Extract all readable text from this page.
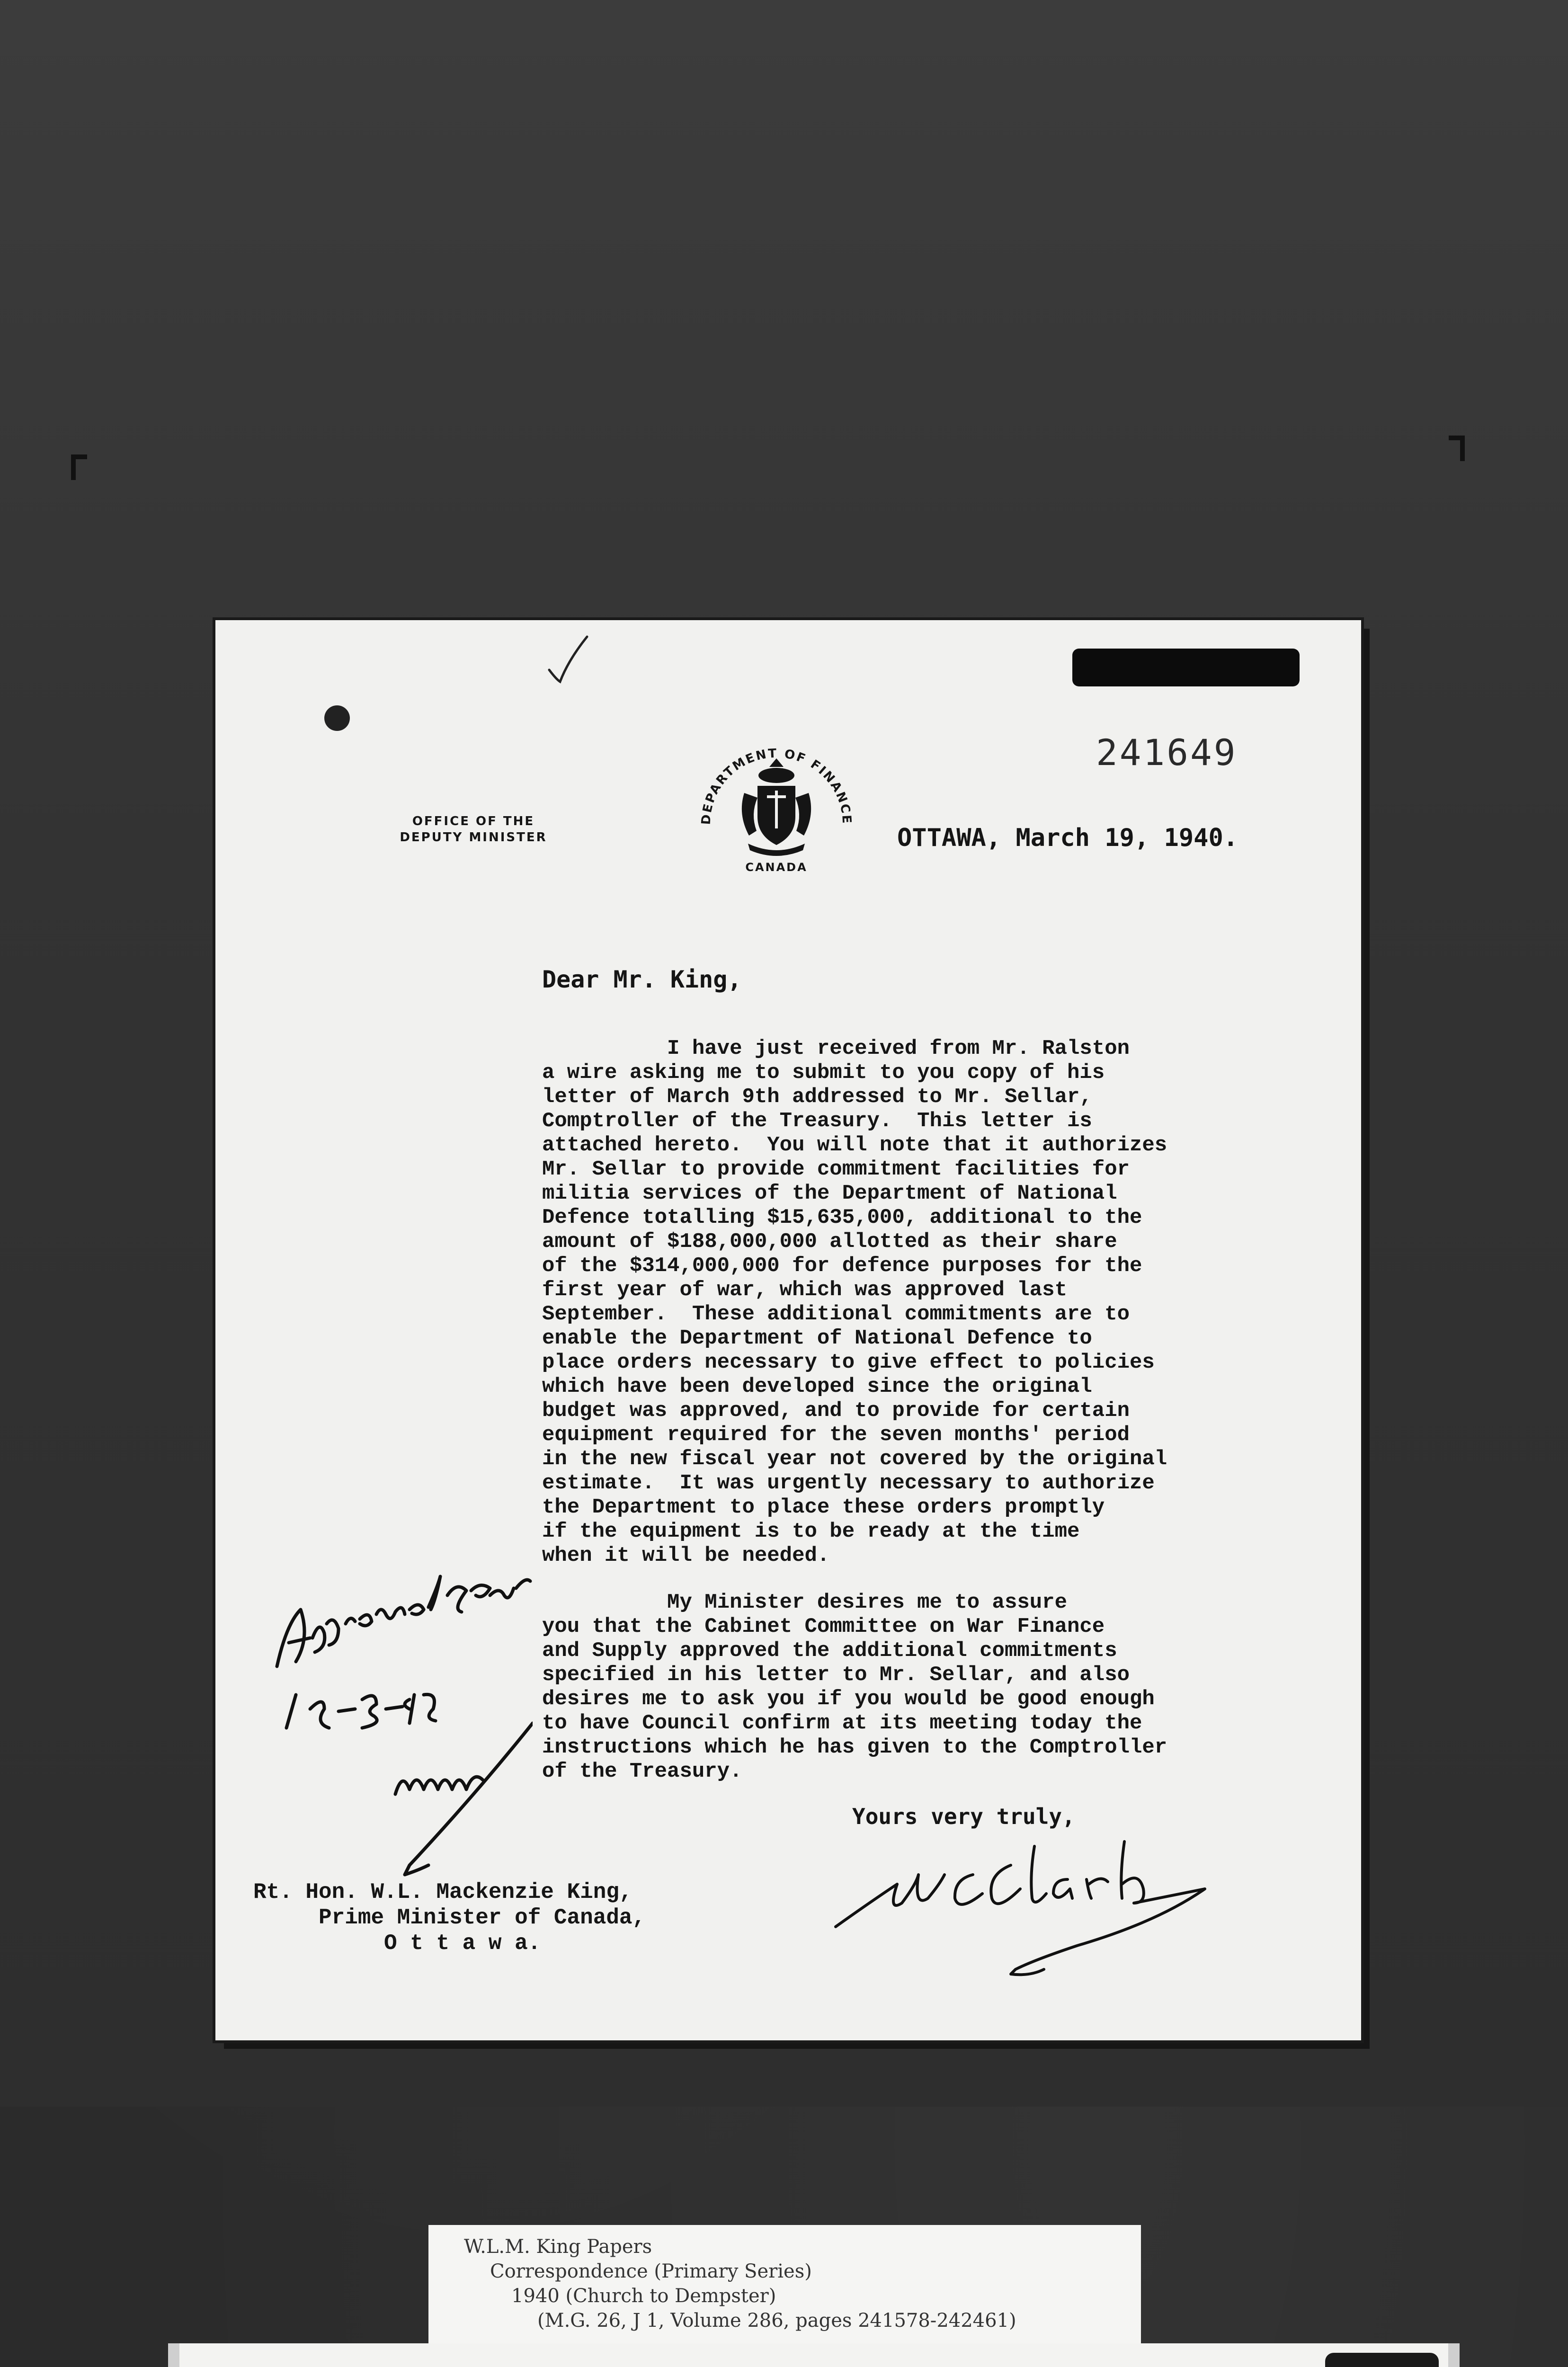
241649
OFFICE OF THE
DEPUTY MINISTER
DEPARTMENT OF FINANCE
CANADA
OTTAWA, March 19, 1940.
Dear Mr. King,
I have just received from Mr. Ralston
a wire asking me to submit to you copy of his
letter of March 9th addressed to Mr. Sellar,
Comptroller of the Treasury.  This letter is
attached hereto.  You will note that it authorizes
Mr. Sellar to provide commitment facilities for
militia services of the Department of National
Defence totalling $15,635,000, additional to the
amount of $188,000,000 allotted as their share
of the $314,000,000 for defence purposes for the
first year of war, which was approved last
September.  These additional commitments are to
enable the Department of National Defence to
place orders necessary to give effect to policies
which have been developed since the original
budget was approved, and to provide for certain
equipment required for the seven months' period
in the new fiscal year not covered by the original
estimate.  It was urgently necessary to authorize
the Department to place these orders promptly
if the equipment is to be ready at the time
when it will be needed.
My Minister desires me to assure
you that the Cabinet Committee on War Finance
and Supply approved the additional commitments
specified in his letter to Mr. Sellar, and also
desires me to ask you if you would be good enough
to have Council confirm at its meeting today the
instructions which he has given to the Comptroller
of the Treasury.
Yours very truly,
Rt. Hon. W.L. Mackenzie King,
Prime Minister of Canada,
O t t a w a.
W.L.M. King Papers
Correspondence (Primary Series)
1940 (Church to Dempster)
(M.G. 26, J 1, Volume 286, pages 241578-242461)
